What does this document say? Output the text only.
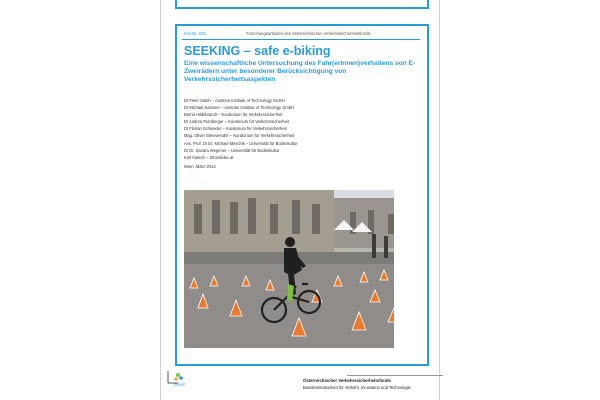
Info Nr. 025	Forschungsarbeiten des österreichischen Verkehrssicherheitsfonds
SEEKING – safe e-biking
Eine wissenschaftliche Untersuchung des Fahr(erInnen)verhaltens von E-Zweirädern unter besonderer Berücksichtigung von Verkehrssicherheitsaspekten
DI Peter Saleh – Austrian Institute of Technology GmbH
DI Michael Kammer – Austrian Institute of Technology GmbH
Bernd Hildebrandt – Kuratorium für Verkehrssicherheit
DI Andrea Pumberger – Kuratorium für Verkehrssicherheit
DI Florian Schneider – Kuratorium für Verkehrssicherheit
Mag. Oliver Steinwender – Kuratorium für Verkehrssicherheit
Ass. Prof. DI Dr. Michael Meschik – Universität für Bodenkultur
DI Dr. Sandra Wegener – Universität für Bodenkultur
Karl Katsch – Stromibike.at
Wien, März 2014
bmvit
Österreichischer Verkehrssicherheitsfonds
Bundesministerium für Verkehr, Innovation und Technologie
